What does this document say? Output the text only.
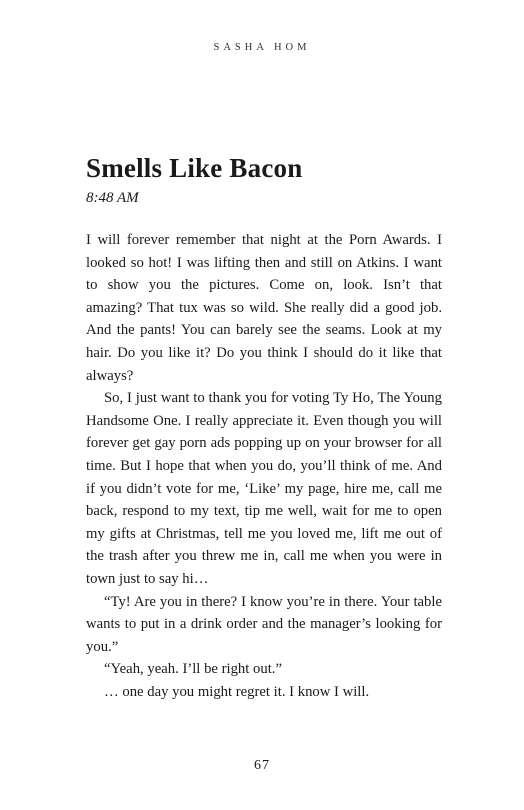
SASHA HOM
Smells Like Bacon
8:48 AM

I will forever remember that night at the Porn Awards. I looked so hot! I was lifting then and still on Atkins. I want to show you the pictures. Come on, look. Isn’t that amazing? That tux was so wild. She really did a good job. And the pants! You can barely see the seams. Look at my hair. Do you like it? Do you think I should do it like that always?

So, I just want to thank you for voting Ty Ho, The Young Handsome One. I really appreciate it. Even though you will forever get gay porn ads popping up on your browser for all time. But I hope that when you do, you’ll think of me. And if you didn’t vote for me, ‘Like’ my page, hire me, call me back, respond to my text, tip me well, wait for me to open my gifts at Christmas, tell me you loved me, lift me out of the trash after you threw me in, call me when you were in town just to say hi…

“Ty! Are you in there? I know you’re in there. Your table wants to put in a drink order and the manager’s looking for you.”

“Yeah, yeah. I’ll be right out.”

… one day you might regret it. I know I will.

67
